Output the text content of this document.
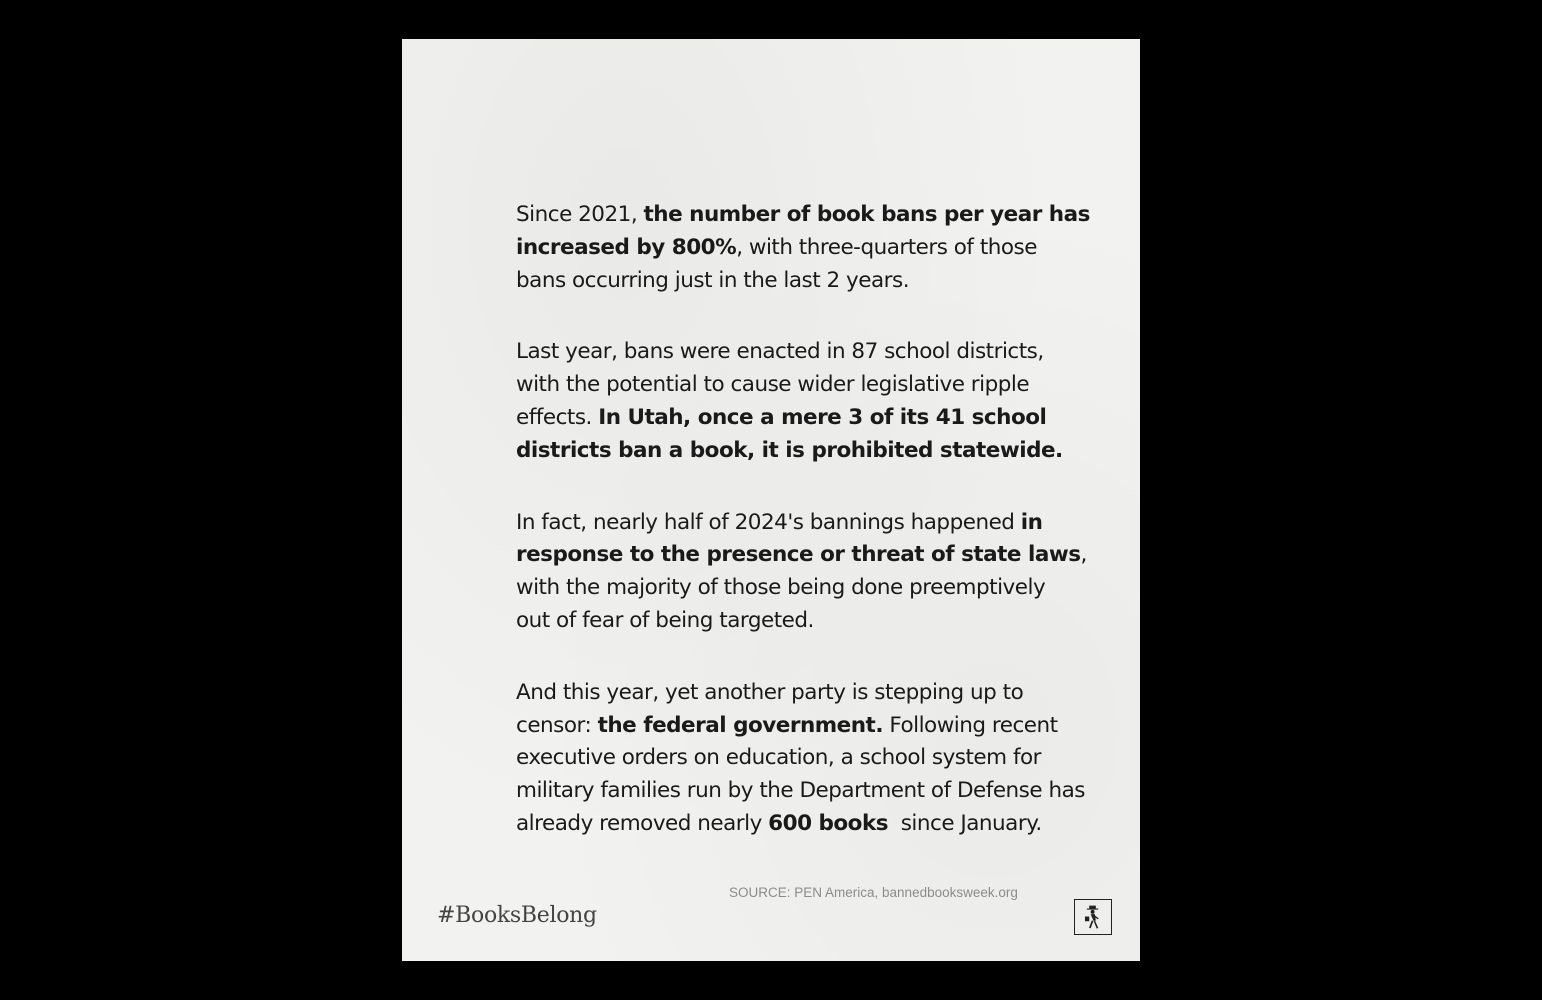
Since 2021, the number of book bans per year has
increased by 800%, with three-quarters of those
bans occurring just in the last 2 years.

Last year, bans were enacted in 87 school districts,
with the potential to cause wider legislative ripple
effects. In Utah, once a mere 3 of its 41 school
districts ban a book, it is prohibited statewide.

In fact, nearly half of 2024's bannings happened in
response to the presence or threat of state laws,
with the majority of those being done preemptively
out of fear of being targeted.

And this year, yet another party is stepping up to
censor: the federal government. Following recent
executive orders on education, a school system for
military families run by the Department of Defense has
already removed nearly 600 books  since January.

SOURCE: PEN America, bannedbooksweek.org
#BooksBelong
